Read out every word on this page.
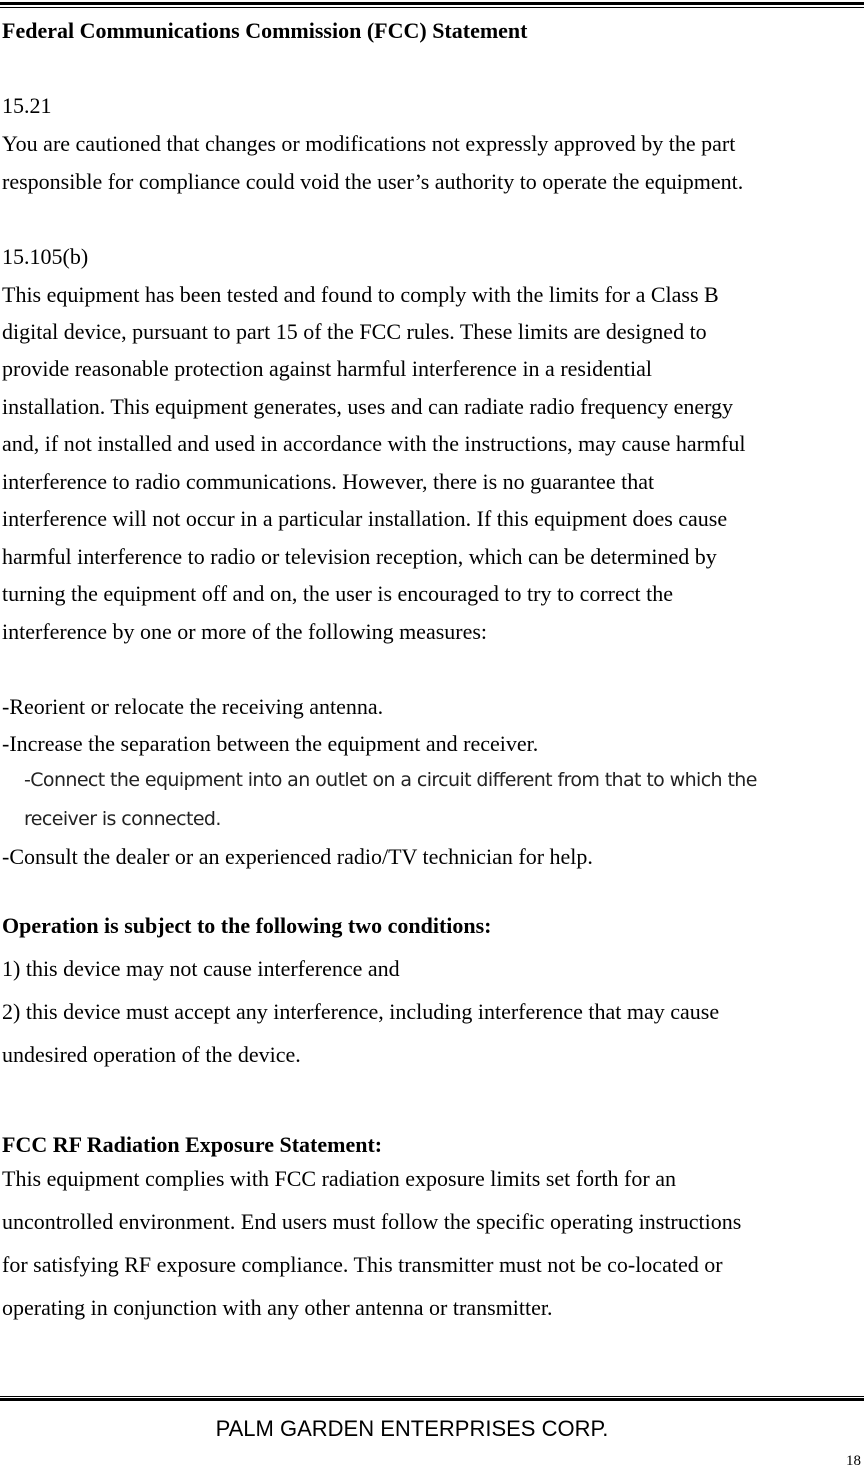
Federal Communications Commission (FCC) Statement
15.21
You are cautioned that changes or modifications not expressly approved by the part
responsible for compliance could void the user’s authority to operate the equipment.
15.105(b)
This equipment has been tested and found to comply with the limits for a Class B
digital device, pursuant to part 15 of the FCC rules. These limits are designed to
provide reasonable protection against harmful interference in a residential
installation. This equipment generates, uses and can radiate radio frequency energy
and, if not installed and used in accordance with the instructions, may cause harmful
interference to radio communications. However, there is no guarantee that
interference will not occur in a particular installation. If this equipment does cause
harmful interference to radio or television reception, which can be determined by
turning the equipment off and on, the user is encouraged to try to correct the
interference by one or more of the following measures:
-Reorient or relocate the receiving antenna.
-Increase the separation between the equipment and receiver.
-Connect the equipment into an outlet on a circuit different from that to which the
receiver is connected.
-Consult the dealer or an experienced radio/TV technician for help.
Operation is subject to the following two conditions:
1) this device may not cause interference and
2) this device must accept any interference, including interference that may cause
undesired operation of the device.
FCC RF Radiation Exposure Statement:
This equipment complies with FCC radiation exposure limits set forth for an
uncontrolled environment. End users must follow the specific operating instructions
for satisfying RF exposure compliance. This transmitter must not be co-located or
operating in conjunction with any other antenna or transmitter.
PALM GARDEN ENTERPRISES CORP.
18
